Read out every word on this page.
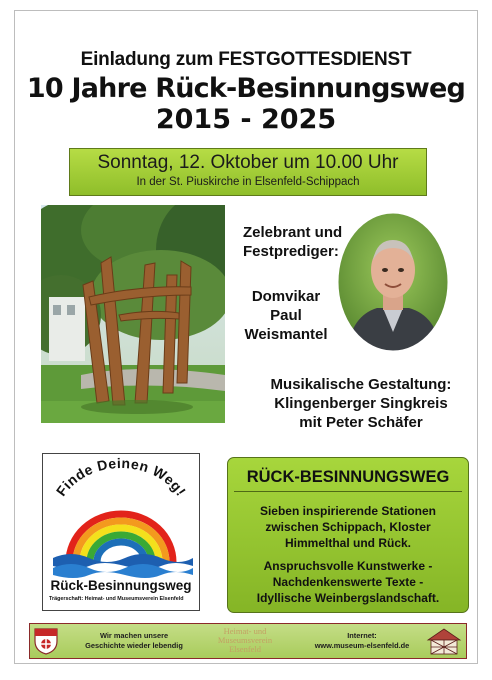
Einladung zum FESTGOTTESDIENST
10 Jahre Rück-Besinnungsweg
2015 - 2025
Sonntag, 12. Oktober um 10.00 Uhr
In der St. Piuskirche in Elsenfeld-Schippach
Zelebrant und
Festprediger:
Domvikar
Paul
Weismantel
Musikalische Gestaltung:
Klingenberger Singkreis
mit Peter Schäfer
Finde Deinen Weg!
Rück-Besinnungsweg
Trägerschaft: Heimat- und Museumsverein Elsenfeld
RÜCK-BESINNUNGSWEG
Sieben inspirierende Stationen
zwischen Schippach, Kloster
Himmelthal und Rück.
Anspruchsvolle Kunstwerke -
Nachdenkenswerte Texte -
Idyllische Weinbergslandschaft.
Wir machen unsere
Geschichte wieder lebendig
Heimat- und
Museumsverein
Elsenfeld
Internet:
www.museum-elsenfeld.de
